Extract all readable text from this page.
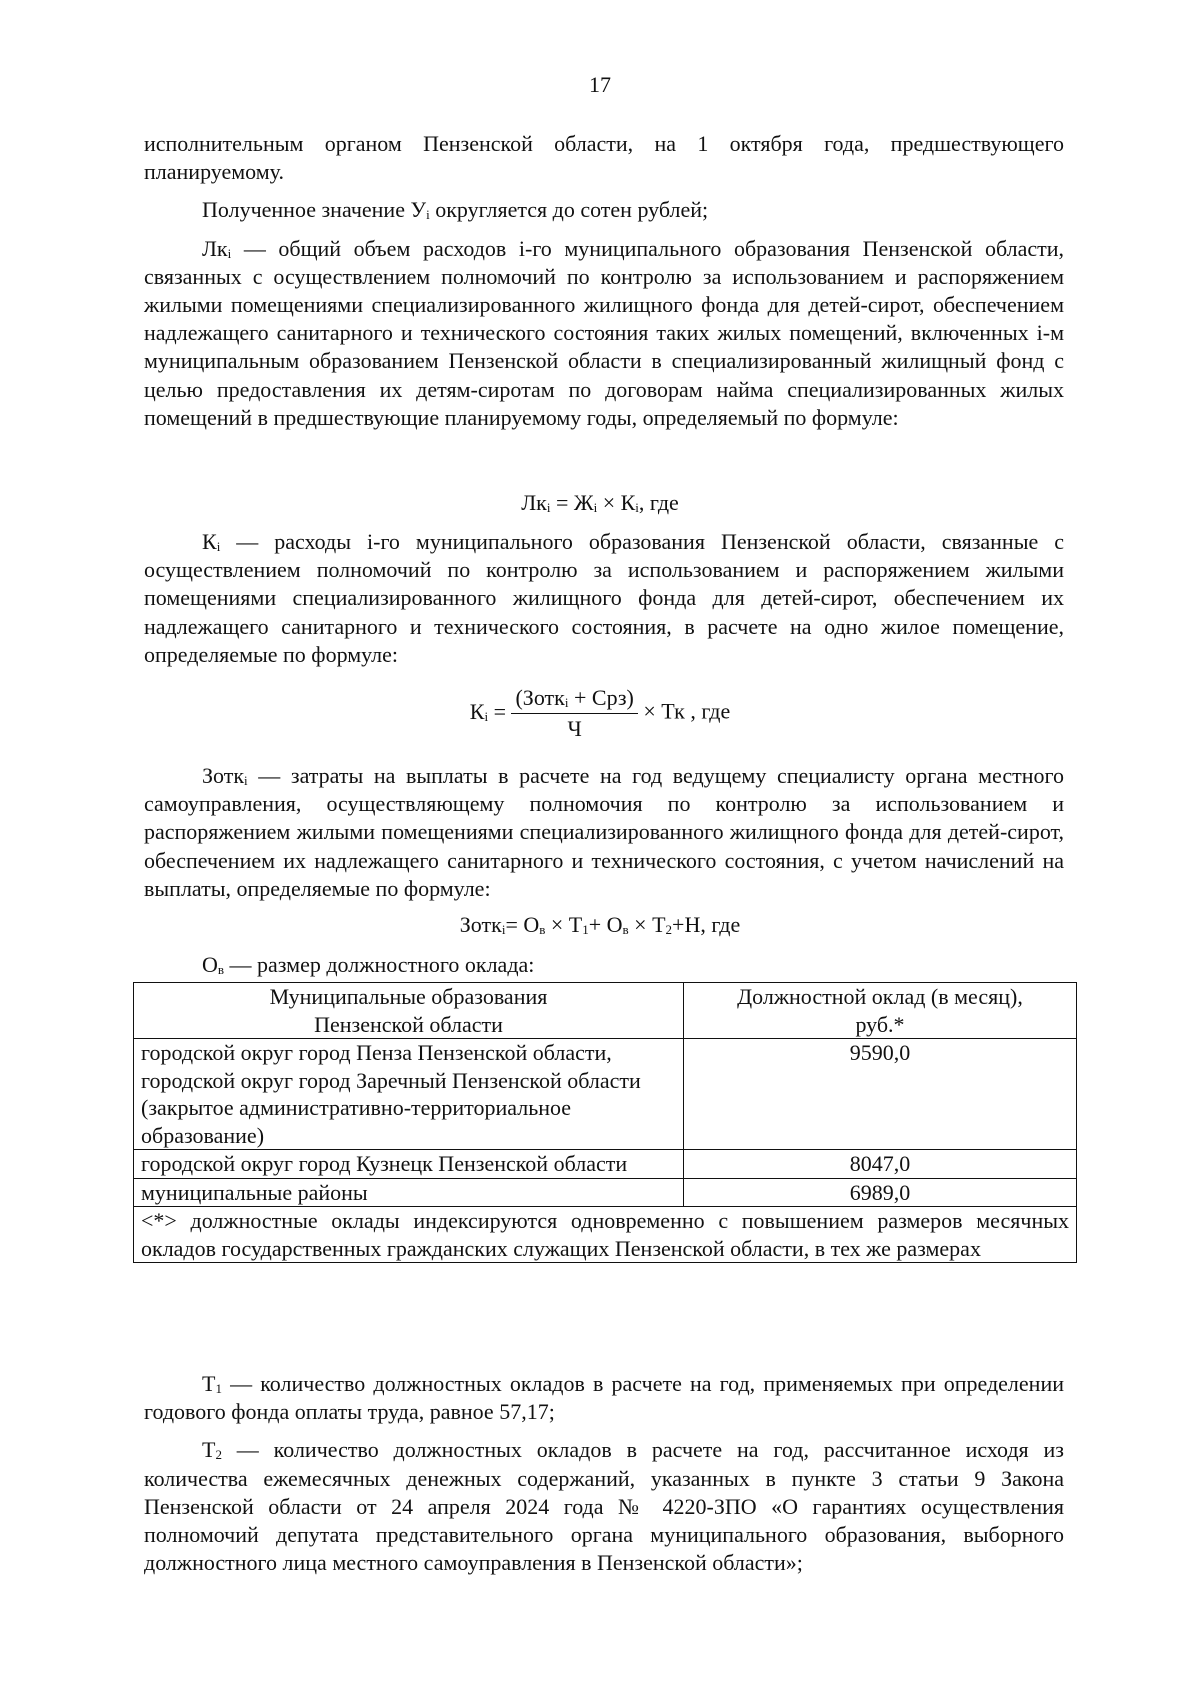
17

исполнительным органом Пензенской области, на 1 октября года, предшествующего планируемому.

Полученное значение $У_i$ округляется до сотен рублей;

$Лк_i$ — общий объем расходов i-го муниципального образования Пензенской области, связанных с осуществлением полномочий по контролю за использованием и распоряжением жилыми помещениями специализированного жилищного фонда для детей-сирот, обеспечением надлежащего санитарного и технического состояния таких жилых помещений, включенных i-м муниципальным образованием Пензенской области в специализированный жилищный фонд с целью предоставления их детям-сиротам по договорам найма специализированных жилых помещений в предшествующие планируемому годы, определяемый по формуле:

$Лк_i = Ж_i \times К_i$, где

$К_i$ — расходы i-го муниципального образования Пензенской области, связанные с осуществлением полномочий по контролю за использованием и распоряжением жилыми помещениями специализированного жилищного фонда для детей-сирот, обеспечением их надлежащего санитарного и технического состояния, в расчете на одно жилое помещение, определяемые по формуле:

$К_i = \frac{(Зотк_i + Срз)}{Ч}$ × Тк , где

Зотк$_i$ — затраты на выплаты в расчете на год ведущему специалисту органа местного самоуправления, осуществляющему полномочия по контролю за использованием и распоряжением жилыми помещениями специализированного жилищного фонда для детей-сирот, обеспечением их надлежащего санитарного и технического состояния, с учетом начислений на выплаты, определяемые по формуле:

Зотк$_i$= $О_в \times Т_1+ О_в \times Т_2+Н$, где

$О_в$ — размер должностного оклада:

Муниципальные образования
Пензенской области	Должностной оклад (в месяц),
руб.*
городской округ город Пенза Пензенской области, городской округ город Заречный Пензенской области (закрытое административно-территориальное образование)	9590,0
городской округ город Кузнецк Пензенской области	8047,0
муниципальные районы	6989,0
<*> должностные оклады индексируются одновременно с повышением размеров месячных окладов государственных гражданских служащих Пензенской области, в тех же размерах	

$Т_1$ — количество должностных окладов в расчете на год, применяемых при определении годового фонда оплаты труда, равное 57,17;

$Т_2$ — количество должностных окладов в расчете на год, рассчитанное исходя из количества ежемесячных денежных содержаний, указанных в пункте 3 статьи 9 Закона Пензенской области от 24 апреля 2024 года № 4220-ЗПО «О гарантиях осуществления полномочий депутата представительного органа муниципального образования, выборного должностного лица местного самоуправления в Пензенской области»;
